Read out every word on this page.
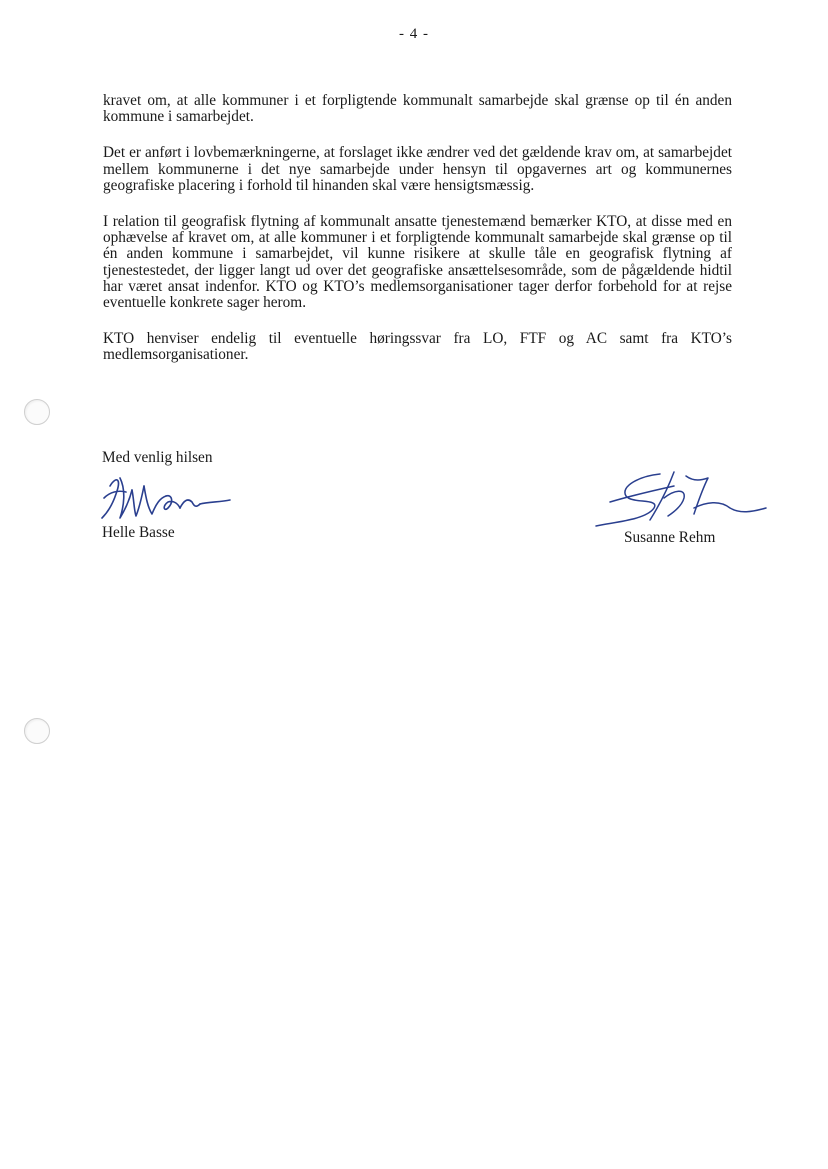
- 4 -

kravet om, at alle kommuner i et forpligtende kommunalt samarbejde skal grænse op til én anden kommune i samarbejdet.

Det er anført i lovbemærkningerne, at forslaget ikke ændrer ved det gældende krav om, at samarbejdet mellem kommunerne i det nye samarbejde under hensyn til opgavernes art og kommunernes geografiske placering i forhold til hinanden skal være hensigtsmæssig.

I relation til geografisk flytning af kommunalt ansatte tjenestemænd bemærker KTO, at disse med en ophævelse af kravet om, at alle kommuner i et forpligtende kommunalt samarbejde skal grænse op til én anden kommune i samarbejdet, vil kunne risikere at skulle tåle en geografisk flytning af tjenestestedet, der ligger langt ud over det geografiske ansættelsesområde, som de pågældende hidtil har været ansat indenfor. KTO og KTO’s medlemsorganisationer tager derfor forbehold for at rejse eventuelle konkrete sager herom.

KTO henviser endelig til eventuelle høringssvar fra LO, FTF og AC samt fra KTO’s medlemsorganisationer.

Med venlig hilsen
Helle Basse	Susanne Rehm
